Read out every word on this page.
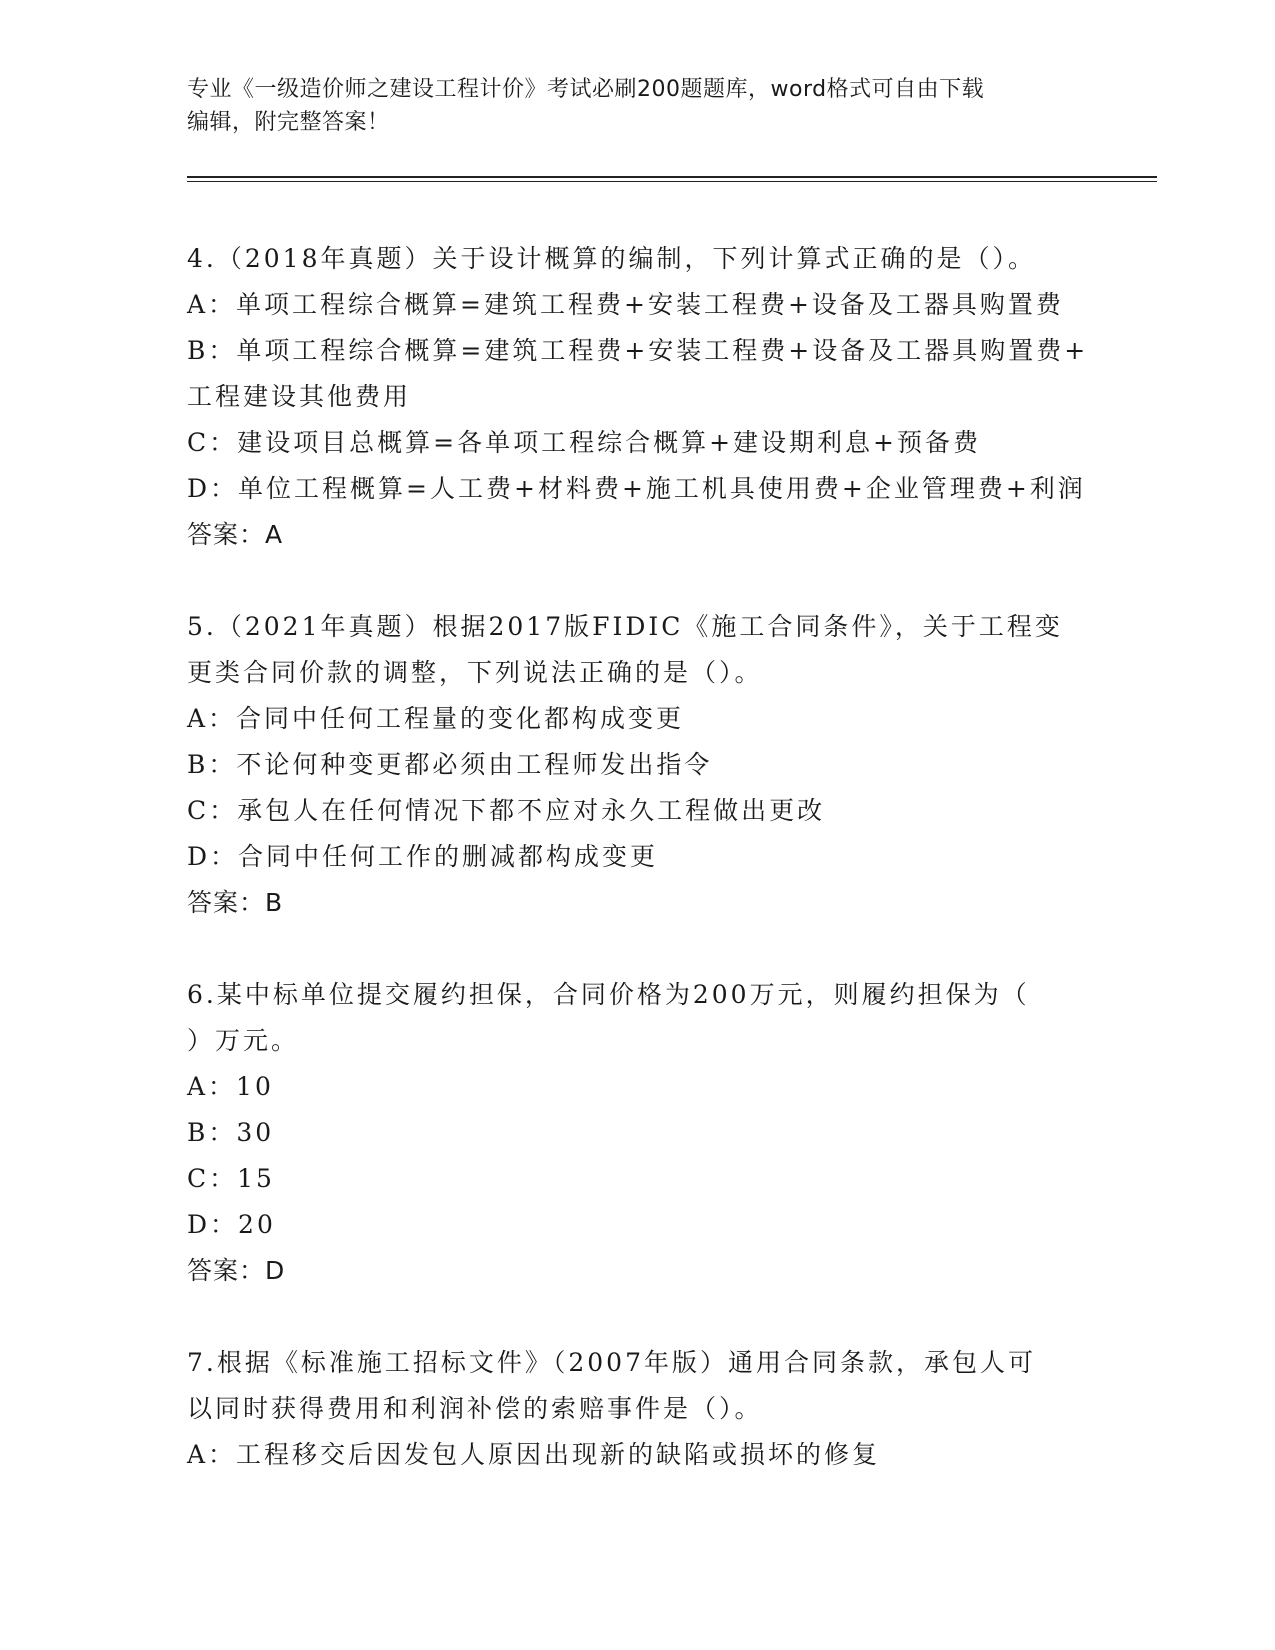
专业《一级造价师之建设工程计价》考试必刷200题题库，word格式可自由下载
编辑，附完整答案！
4.（2018年真题）关于设计概算的编制，下列计算式正确的是（）。
A：单项工程综合概算=建筑工程费+安装工程费+设备及工器具购置费
B：单项工程综合概算=建筑工程费+安装工程费+设备及工器具购置费+
工程建设其他费用
C：建设项目总概算=各单项工程综合概算+建设期利息+预备费
D：单位工程概算=人工费+材料费+施工机具使用费+企业管理费+利润
答案：A
5.（2021年真题）根据2017版FIDIC《施工合同条件》，关于工程变
更类合同价款的调整，下列说法正确的是（）。
A：合同中任何工程量的变化都构成变更
B：不论何种变更都必须由工程师发出指令
C：承包人在任何情况下都不应对永久工程做出更改
D：合同中任何工作的删减都构成变更
答案：B
6.某中标单位提交履约担保，合同价格为200万元，则履约担保为（
）万元。
A：10
B：30
C：15
D：20
答案：D
7.根据《标准施工招标文件》（2007年版）通用合同条款，承包人可
以同时获得费用和利润补偿的索赔事件是（）。
A：工程移交后因发包人原因出现新的缺陷或损坏的修复
